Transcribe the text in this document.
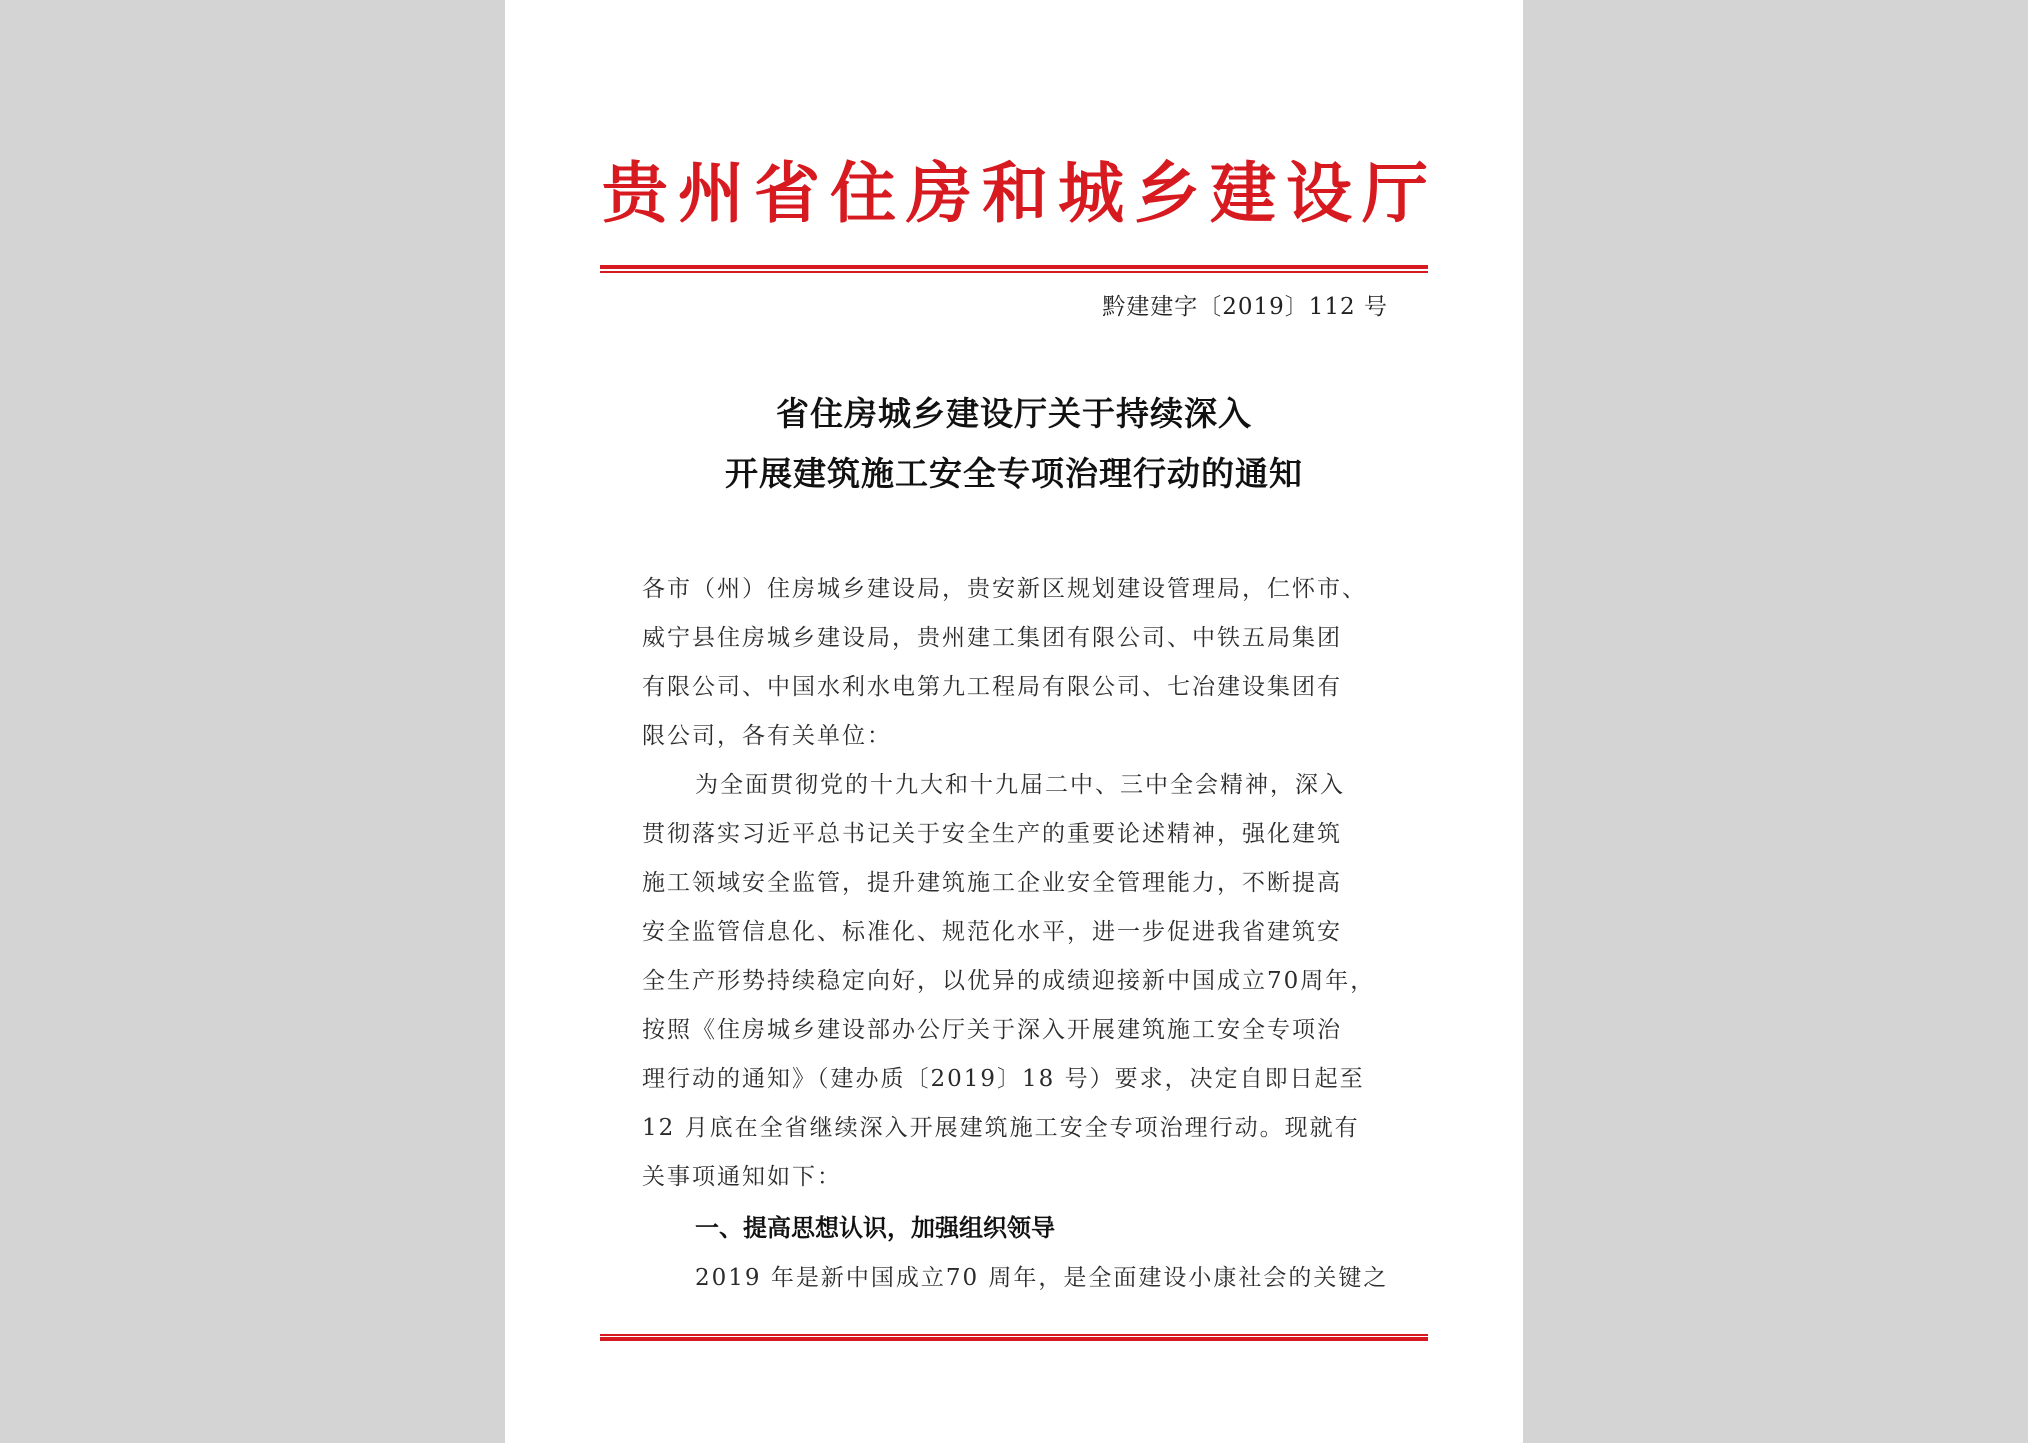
贵州省住房和城乡建设厅

黔建建字〔2019〕112 号

省住房城乡建设厅关于持续深入
开展建筑施工安全专项治理行动的通知

各市（州）住房城乡建设局，贵安新区规划建设管理局，仁怀市、

威宁县住房城乡建设局，贵州建工集团有限公司、中铁五局集团

有限公司、中国水利水电第九工程局有限公司、七冶建设集团有

限公司，各有关单位：

为全面贯彻党的十九大和十九届二中、三中全会精神，深入

贯彻落实习近平总书记关于安全生产的重要论述精神，强化建筑

施工领域安全监管，提升建筑施工企业安全管理能力，不断提高

安全监管信息化、标准化、规范化水平，进一步促进我省建筑安

全生产形势持续稳定向好，以优异的成绩迎接新中国成立70周年，

按照《住房城乡建设部办公厅关于深入开展建筑施工安全专项治

理行动的通知》（建办质〔2019〕18 号）要求，决定自即日起至

12 月底在全省继续深入开展建筑施工安全专项治理行动。现就有

关事项通知如下：

一、提高思想认识，加强组织领导

2019 年是新中国成立70 周年，是全面建设小康社会的关键之
